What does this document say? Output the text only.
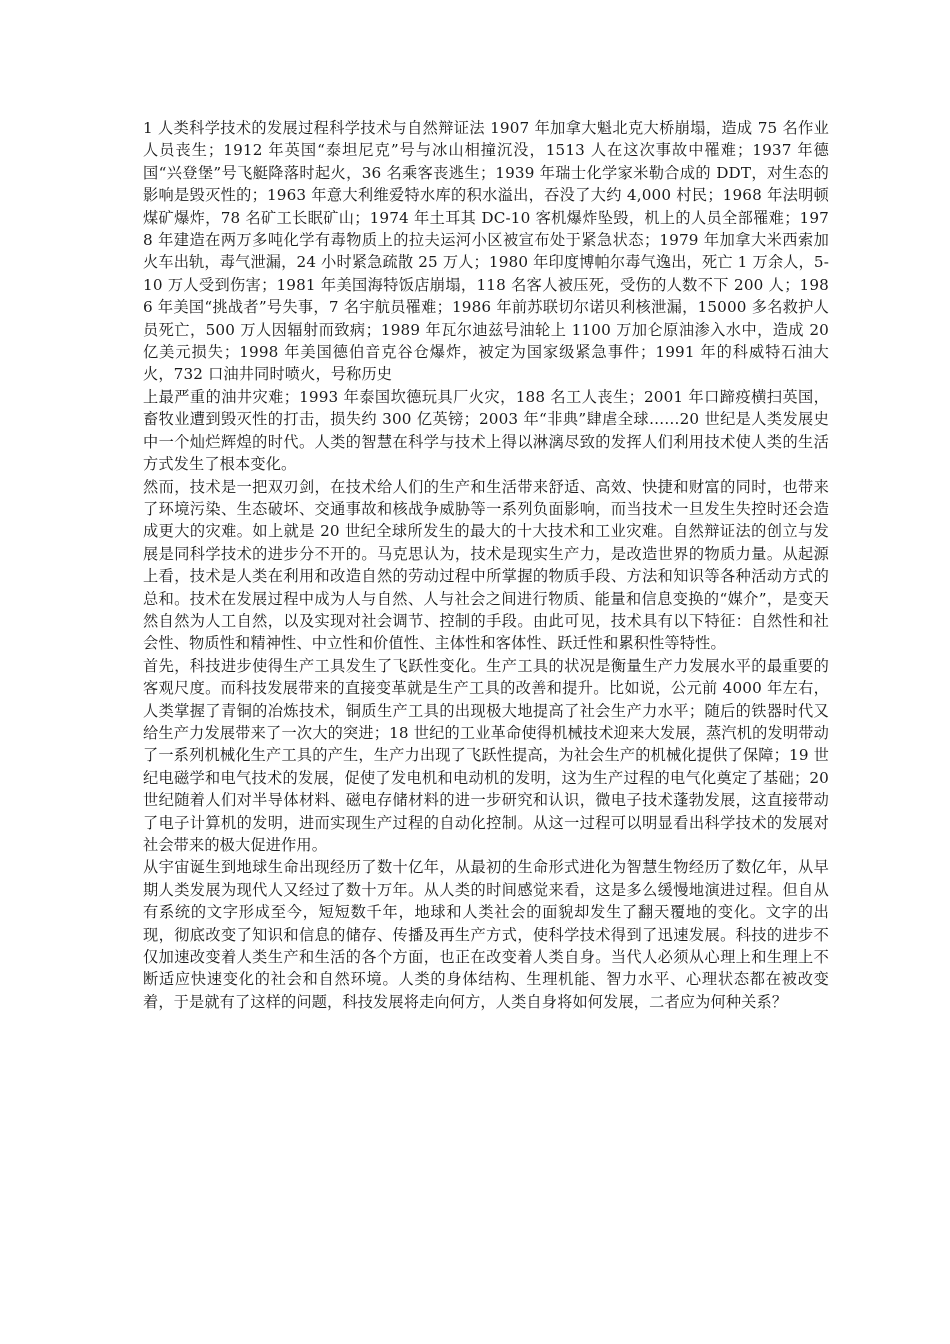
1 人类科学技术的发展过程科学技术与自然辩证法 1907 年加拿大魁北克大桥崩塌，造成 75 名作业人员丧生；1912 年英国“泰坦尼克”号与冰山相撞沉没，1513 人在这次事故中罹难；1937 年德国“兴登堡”号飞艇降落时起火，36 名乘客丧逃生；1939 年瑞士化学家米勒合成的 DDT，对生态的影响是毁灭性的；1963 年意大利维爱特水库的积水溢出，吞没了大约 4,000 村民；1968 年法明顿煤矿爆炸，78 名矿工长眠矿山；1974 年土耳其 DC-10 客机爆炸坠毁，机上的人员全部罹难；1978 年建造在两万多吨化学有毒物质上的拉夫运河小区被宣布处于紧急状态；1979 年加拿大米西索加火车出轨，毒气泄漏，24 小时紧急疏散 25 万人；1980 年印度博帕尔毒气逸出，死亡 1 万余人，5-10 万人受到伤害；1981 年美国海特饭店崩塌，118 名客人被压死，受伤的人数不下 200 人；1986 年美国“挑战者”号失事，7 名宇航员罹难；1986 年前苏联切尔诺贝利核泄漏，15000 多名救护人员死亡，500 万人因辐射而致病；1989 年瓦尔迪兹号油轮上 1100 万加仑原油渗入水中，造成 20 亿美元损失；1998 年美国德伯音克谷仓爆炸，被定为国家级紧急事件；1991 年的科威特石油大火，732 口油井同时喷火，号称历史

上最严重的油井灾难；1993 年泰国坎德玩具厂火灾，188 名工人丧生；2001 年口蹄疫横扫英国，畜牧业遭到毁灭性的打击，损失约 300 亿英镑；2003 年“非典”肆虐全球……20 世纪是人类发展史中一个灿烂辉煌的时代。人类的智慧在科学与技术上得以淋漓尽致的发挥人们利用技术使人类的生活方式发生了根本变化。

然而，技术是一把双刃剑，在技术给人们的生产和生活带来舒适、高效、快捷和财富的同时，也带来了环境污染、生态破坏、交通事故和核战争威胁等一系列负面影响，而当技术一旦发生失控时还会造成更大的灾难。如上就是 20 世纪全球所发生的最大的十大技术和工业灾难。自然辩证法的创立与发展是同科学技术的进步分不开的。马克思认为，技术是现实生产力，是改造世界的物质力量。从起源上看，技术是人类在利用和改造自然的劳动过程中所掌握的物质手段、方法和知识等各种活动方式的总和。技术在发展过程中成为人与自然、人与社会之间进行物质、能量和信息变换的“媒介”，是变天然自然为人工自然，以及实现对社会调节、控制的手段。由此可见，技术具有以下特征：自然性和社会性、物质性和精神性、中立性和价值性、主体性和客体性、跃迁性和累积性等特性。

首先，科技进步使得生产工具发生了飞跃性变化。生产工具的状况是衡量生产力发展水平的最重要的客观尺度。而科技发展带来的直接变革就是生产工具的改善和提升。比如说，公元前 4000 年左右，人类掌握了青铜的冶炼技术，铜质生产工具的出现极大地提高了社会生产力水平；随后的铁器时代又给生产力发展带来了一次大的突进；18 世纪的工业革命使得机械技术迎来大发展，蒸汽机的发明带动了一系列机械化生产工具的产生，生产力出现了飞跃性提高，为社会生产的机械化提供了保障；19 世纪电磁学和电气技术的发展，促使了发电机和电动机的发明，这为生产过程的电气化奠定了基础；20 世纪随着人们对半导体材料、磁电存储材料的进一步研究和认识，微电子技术蓬勃发展，这直接带动了电子计算机的发明，进而实现生产过程的自动化控制。从这一过程可以明显看出科学技术的发展对社会带来的极大促进作用。

从宇宙诞生到地球生命出现经历了数十亿年，从最初的生命形式进化为智慧生物经历了数亿年，从早期人类发展为现代人又经过了数十万年。从人类的时间感觉来看，这是多么缓慢地演进过程。但自从有系统的文字形成至今，短短数千年，地球和人类社会的面貌却发生了翻天覆地的变化。文字的出现，彻底改变了知识和信息的储存、传播及再生产方式，使科学技术得到了迅速发展。科技的进步不仅加速改变着人类生产和生活的各个方面，也正在改变着人类自身。当代人必须从心理上和生理上不断适应快速变化的社会和自然环境。人类的身体结构、生理机能、智力水平、心理状态都在被改变着，于是就有了这样的问题，科技发展将走向何方，人类自身将如何发展，二者应为何种关系？
